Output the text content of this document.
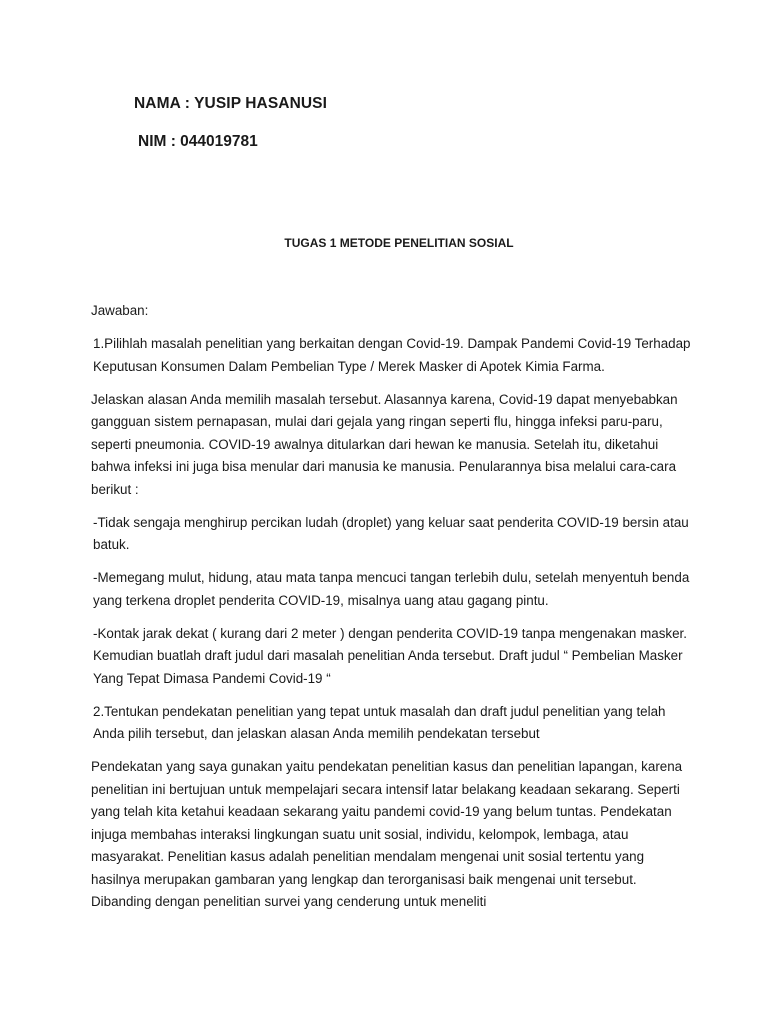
NAMA : YUSIP HASANUSI
NIM : 044019781
TUGAS 1 METODE PENELITIAN SOSIAL

Jawaban:

1.Pilihlah masalah penelitian yang berkaitan dengan Covid-19. Dampak Pandemi Covid-19 Terhadap Keputusan Konsumen Dalam Pembelian Type / Merek Masker di Apotek Kimia Farma.

Jelaskan alasan Anda memilih masalah tersebut. Alasannya karena, Covid-19 dapat menyebabkan gangguan sistem pernapasan, mulai dari gejala yang ringan seperti flu, hingga infeksi paru-paru, seperti pneumonia. COVID-19 awalnya ditularkan dari hewan ke manusia. Setelah itu, diketahui bahwa infeksi ini juga bisa menular dari manusia ke manusia. Penularannya bisa melalui cara-cara berikut :

-Tidak sengaja menghirup percikan ludah (droplet) yang keluar saat penderita COVID-19 bersin atau batuk.

-Memegang mulut, hidung, atau mata tanpa mencuci tangan terlebih dulu, setelah menyentuh benda yang terkena droplet penderita COVID-19, misalnya uang atau gagang pintu.

-Kontak jarak dekat ( kurang dari 2 meter ) dengan penderita COVID-19 tanpa mengenakan masker. Kemudian buatlah draft judul dari masalah penelitian Anda tersebut. Draft judul “ Pembelian Masker Yang Tepat Dimasa Pandemi Covid-19 “

2.Tentukan pendekatan penelitian yang tepat untuk masalah dan draft judul penelitian yang telah Anda pilih tersebut, dan jelaskan alasan Anda memilih pendekatan tersebut

Pendekatan yang saya gunakan yaitu pendekatan penelitian kasus dan penelitian lapangan, karena penelitian ini bertujuan untuk mempelajari secara intensif latar belakang keadaan sekarang. Seperti yang telah kita ketahui keadaan sekarang yaitu pandemi covid-19 yang belum tuntas. Pendekatan injuga membahas interaksi lingkungan suatu unit sosial, individu, kelompok, lembaga, atau masyarakat. Penelitian kasus adalah penelitian mendalam mengenai unit sosial tertentu yang hasilnya merupakan gambaran yang lengkap dan terorganisasi baik mengenai unit tersebut. Dibanding dengan penelitian survei yang cenderung untuk meneliti
